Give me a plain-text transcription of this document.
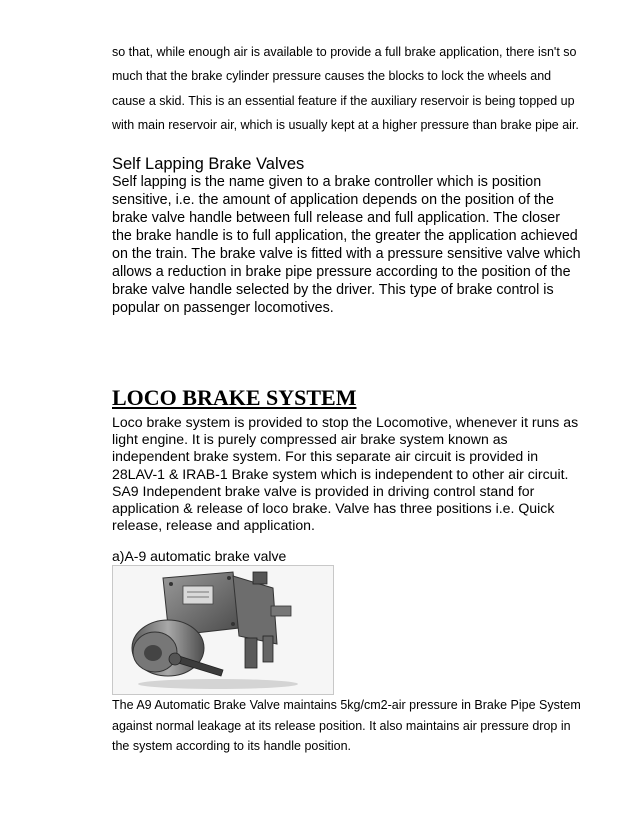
so that, while enough air is available to provide a full brake application, there isn't so much that the brake cylinder pressure causes the blocks to lock the wheels and cause a skid. This is an essential feature if the auxiliary reservoir is being topped up with main reservoir air, which is usually kept at a higher pressure than brake pipe air.

Self Lapping Brake Valves

Self lapping is the name given to a brake controller which is position sensitive, i.e. the amount of application depends on the position of the brake valve handle between full release and full application. The closer the brake handle is to full application, the greater the application achieved on the train. The brake valve is fitted with a pressure sensitive valve which allows a reduction in brake pipe pressure according to the position of the brake valve handle selected by the driver. This type of brake control is popular on passenger locomotives.

LOCO BRAKE SYSTEM

Loco brake system is provided to stop the Locomotive, whenever it runs as light engine. It is purely compressed air brake system known as independent brake system. For this separate air circuit is provided in 28LAV-1 & IRAB-1 Brake system which is independent to other air circuit. SA9 Independent brake valve is provided in driving control stand for application & release of loco brake. Valve has three positions i.e. Quick release, release and application.

a)A-9 automatic brake valve

The A9 Automatic Brake Valve maintains 5kg/cm2-air pressure in Brake Pipe System against normal leakage at its release position. It also maintains air pressure drop in the system according to its handle position.
